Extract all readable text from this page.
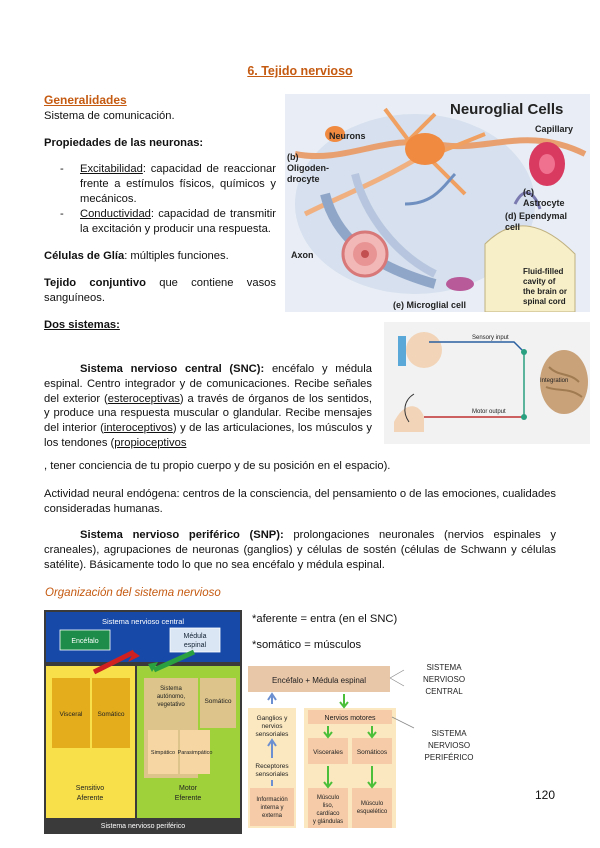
6. Tejido nervioso
Generalidades
Sistema de comunicación.
Propiedades de las neuronas:
- Excitabilidad: capacidad de reaccionar frente a estímulos físicos, químicos y mecánicos.
- Conductividad: capacidad de transmitir la excitación y producir una respuesta.
Células de Glía: múltiples funciones.
Tejido conjuntivo que contiene vasos sanguíneos.
Dos sistemas:
Sistema nervioso central (SNC): encéfalo y médula espinal. Centro integrador y de comunicaciones. Recibe señales del exterior (esteroceptivas) a través de órganos de los sentidos, y produce una respuesta muscular o glandular. Recibe mensajes del interior (interoceptivos) y de las articulaciones, los músculos y los tendones (propioceptivos
, tener conciencia de tu propio cuerpo y de su posición en el espacio).
Actividad neural endógena: centros de la consciencia, del pensamiento o de las emociones, cualidades consideradas humanas.
Sistema nervioso periférico (SNP): prolongaciones neuronales (nervios espinales y craneales), agrupaciones de neuronas (ganglios) y células de sostén (células de Schwann y células satélite). Básicamente todo lo que no sea encéfalo y médula espinal.
Organización del sistema nervioso
*aferente = entra (en el SNC)
*somático = músculos
120
Neuroglial Cells
Neurons
Capillary
(b)
Oligoden-
drocyte
(c)
Astrocyte
(d) Ependymal
cell
Axon
Fluid-filled
cavity of
the brain or
spinal cord
(e) Microglial cell
Sensory input
Integration
Motor output
Sistema nervioso central
Encéfalo
Médula
espinal
Visceral Somático
Sistema
autónomo,
vegetativo	Somático
Simpático Parasimpático
Sensitivo
Aferente
Motor
Eferente
Sistema nervioso periférico
Encéfalo + Médula espinal
SISTEMA
NERVIOSO
CENTRAL
Ganglios y
nervios
sensoriales
Nervios motores
SISTEMA
NERVIOSO
PERIFÉRICO
Viscerales Somáticos
Receptores
sensoriales
Información
interna y
externa
Músculo
liso,
cardíaco
y glándulas
Músculo
esquelético
